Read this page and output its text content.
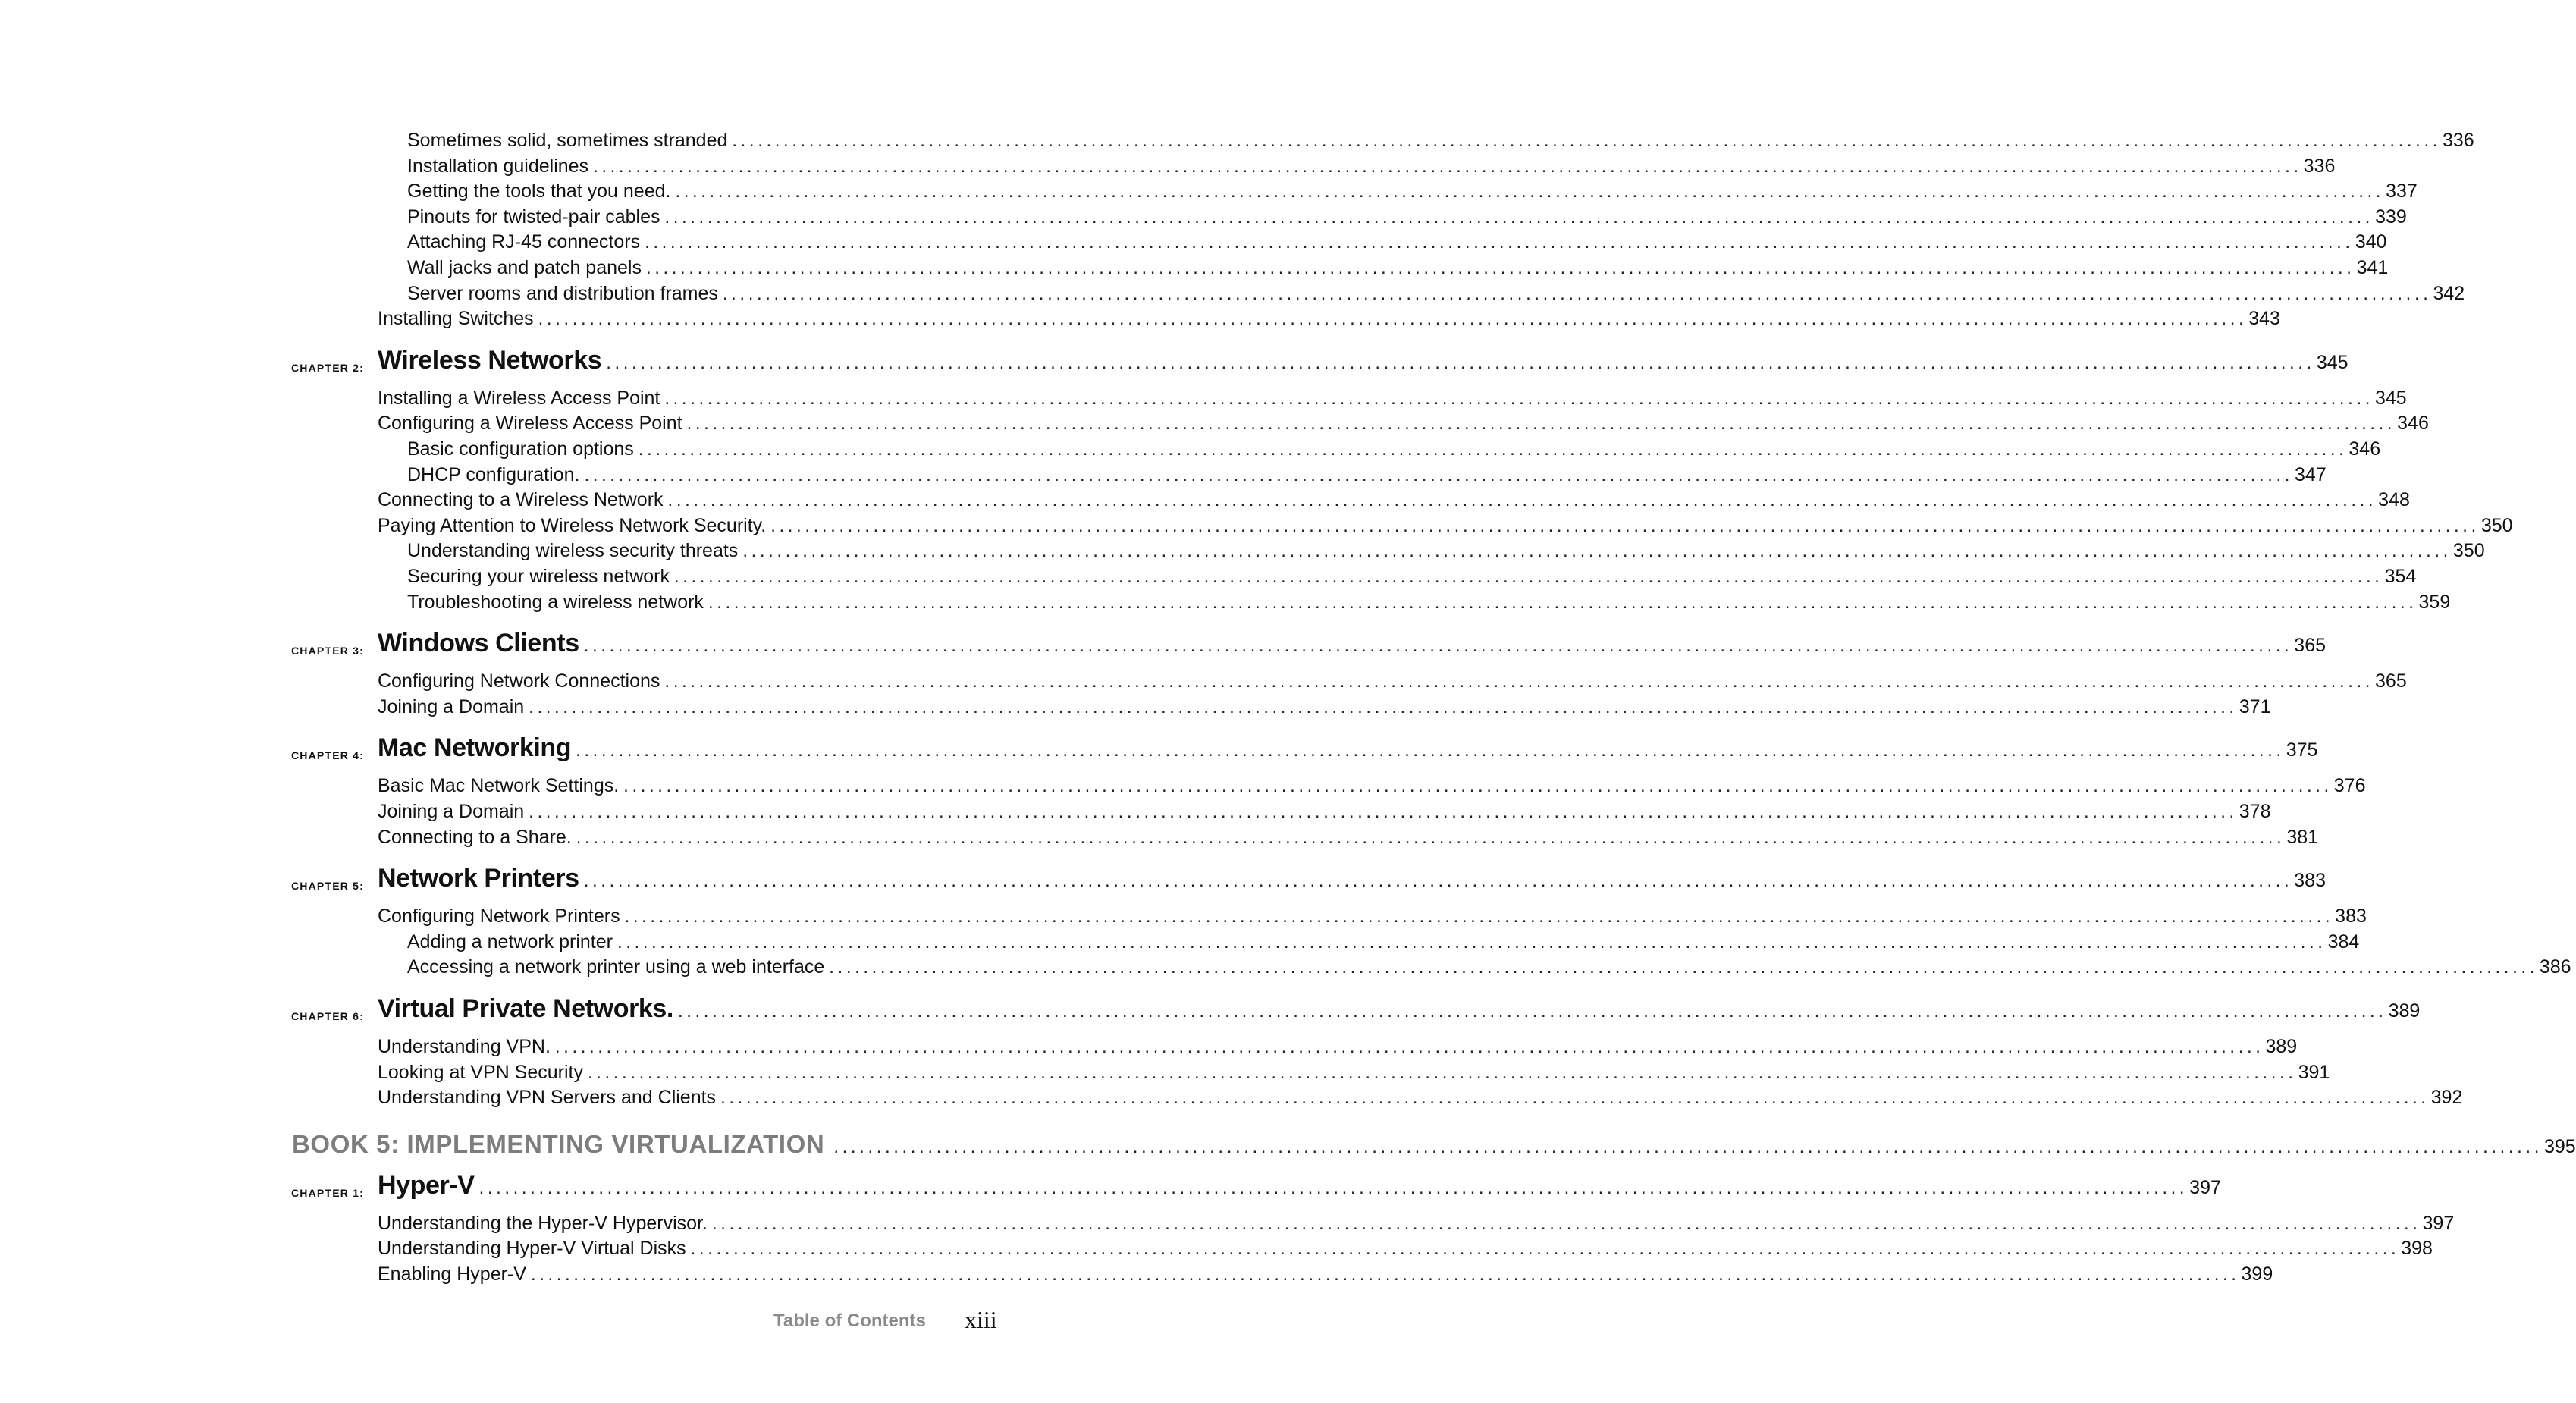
Sometimes solid, sometimes stranded ........................................................................................................................................................................................................ 336
Installation guidelines ........................................................................................................................................................................................................ 336
Getting the tools that you need. ........................................................................................................................................................................................................ 337
Pinouts for twisted-pair cables ........................................................................................................................................................................................................ 339
Attaching RJ-45 connectors ........................................................................................................................................................................................................ 340
Wall jacks and patch panels ........................................................................................................................................................................................................ 341
Server rooms and distribution frames ........................................................................................................................................................................................................ 342
Installing Switches ........................................................................................................................................................................................................ 343
CHAPTER 2: Wireless Networks ........................................................................................................................................................................................................ 345
Installing a Wireless Access Point ........................................................................................................................................................................................................ 345
Configuring a Wireless Access Point ........................................................................................................................................................................................................ 346
Basic configuration options ........................................................................................................................................................................................................ 346
DHCP configuration. ........................................................................................................................................................................................................ 347
Connecting to a Wireless Network ........................................................................................................................................................................................................ 348
Paying Attention to Wireless Network Security. ........................................................................................................................................................................................................ 350
Understanding wireless security threats ........................................................................................................................................................................................................ 350
Securing your wireless network ........................................................................................................................................................................................................ 354
Troubleshooting a wireless network ........................................................................................................................................................................................................ 359
CHAPTER 3: Windows Clients ........................................................................................................................................................................................................ 365
Configuring Network Connections ........................................................................................................................................................................................................ 365
Joining a Domain ........................................................................................................................................................................................................ 371
CHAPTER 4: Mac Networking ........................................................................................................................................................................................................ 375
Basic Mac Network Settings. ........................................................................................................................................................................................................ 376
Joining a Domain ........................................................................................................................................................................................................ 378
Connecting to a Share. ........................................................................................................................................................................................................ 381
CHAPTER 5: Network Printers ........................................................................................................................................................................................................ 383
Configuring Network Printers ........................................................................................................................................................................................................ 383
Adding a network printer ........................................................................................................................................................................................................ 384
Accessing a network printer using a web interface ........................................................................................................................................................................................................ 386
CHAPTER 6: Virtual Private Networks. ........................................................................................................................................................................................................ 389
Understanding VPN. ........................................................................................................................................................................................................ 389
Looking at VPN Security ........................................................................................................................................................................................................ 391
Understanding VPN Servers and Clients ........................................................................................................................................................................................................ 392
BOOK 5: IMPLEMENTING VIRTUALIZATION ........................................................................................................................................................................................................ 395
CHAPTER 1: Hyper-V ........................................................................................................................................................................................................ 397
Understanding the Hyper-V Hypervisor. ........................................................................................................................................................................................................ 397
Understanding Hyper-V Virtual Disks ........................................................................................................................................................................................................ 398
Enabling Hyper-V ........................................................................................................................................................................................................ 399
Table of Contents xiii
